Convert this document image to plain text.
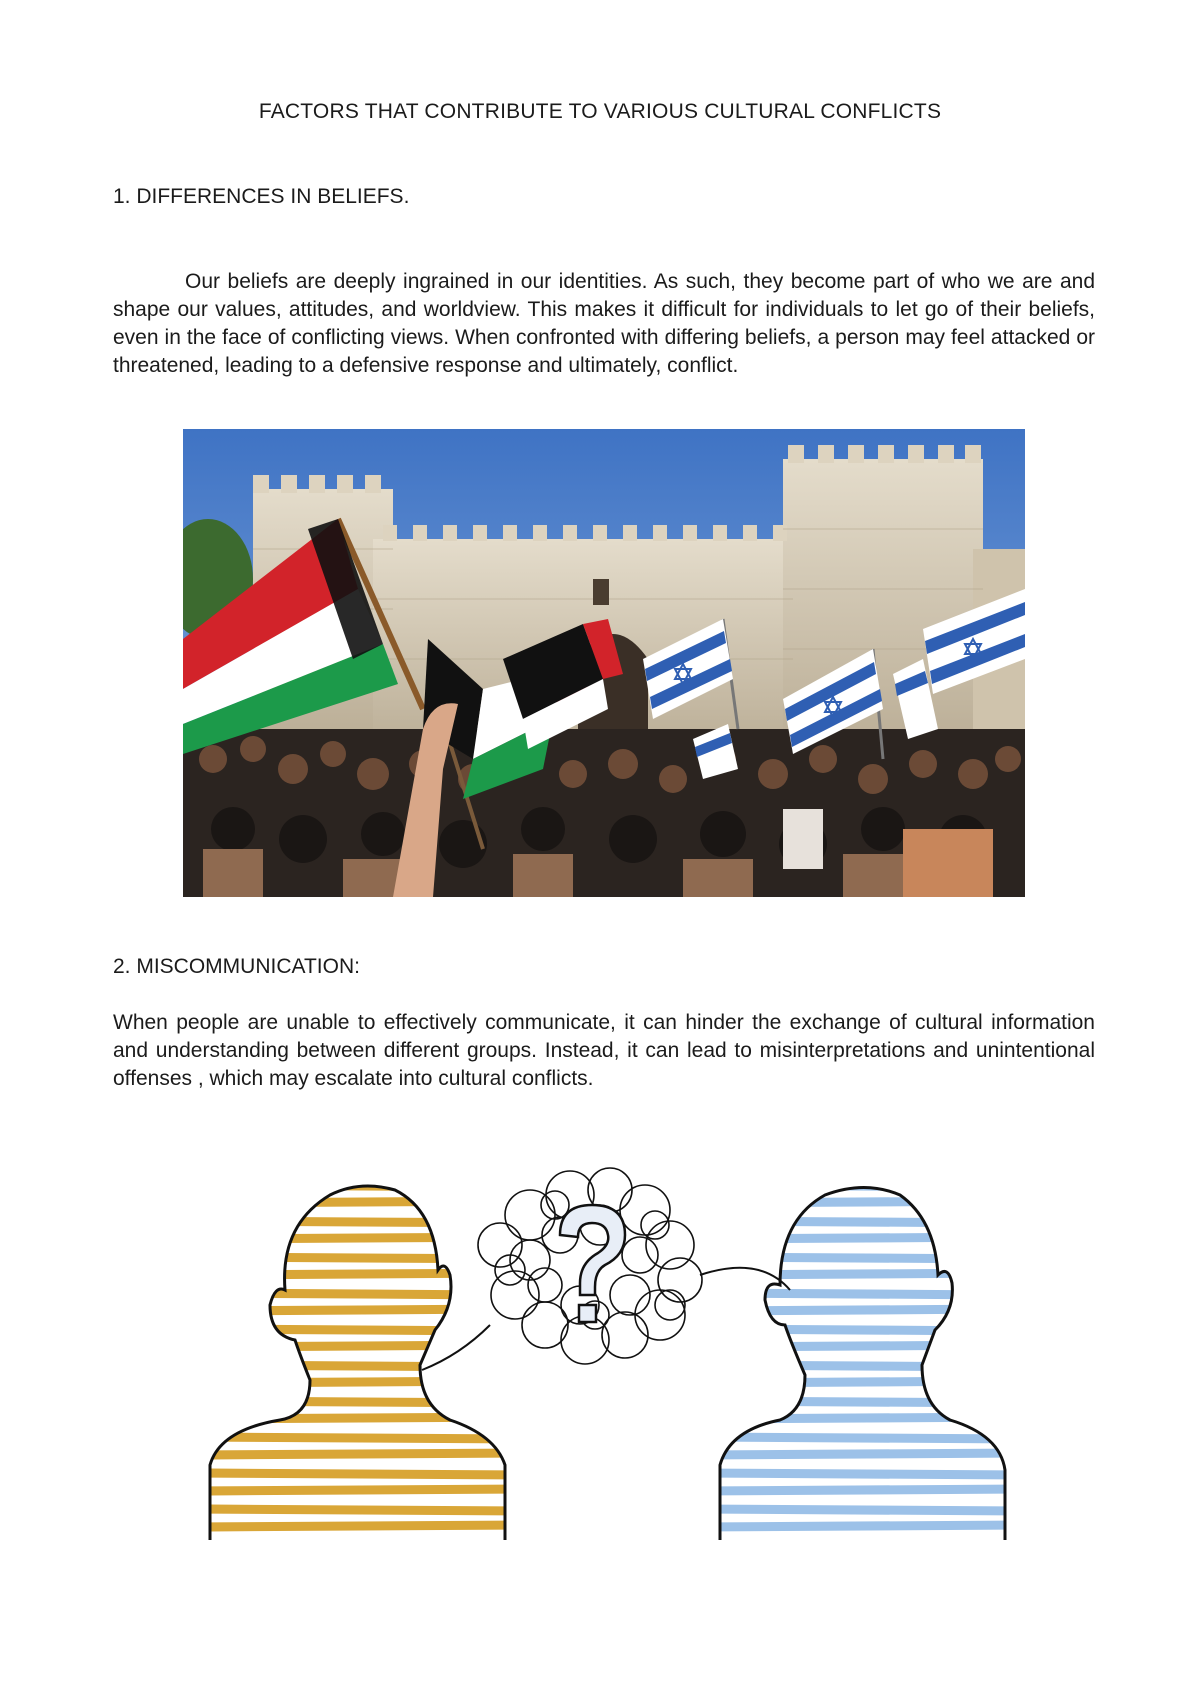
FACTORS THAT CONTRIBUTE TO VARIOUS CULTURAL CONFLICTS
1. DIFFERENCES IN BELIEFS.

Our beliefs are deeply ingrained in our identities. As such, they become part of who we are and shape our values, attitudes, and worldview. This makes it difficult for individuals to let go of their beliefs, even in the face of conflicting views. When confronted with differing beliefs, a person may feel attacked or threatened, leading to a defensive response and ultimately, conflict.

2. MISCOMMUNICATION:

When people are unable to effectively communicate, it can hinder the exchange of cultural information and understanding between different groups. Instead, it can lead to misinterpretations and unintentional offenses , which may escalate into cultural conflicts.
